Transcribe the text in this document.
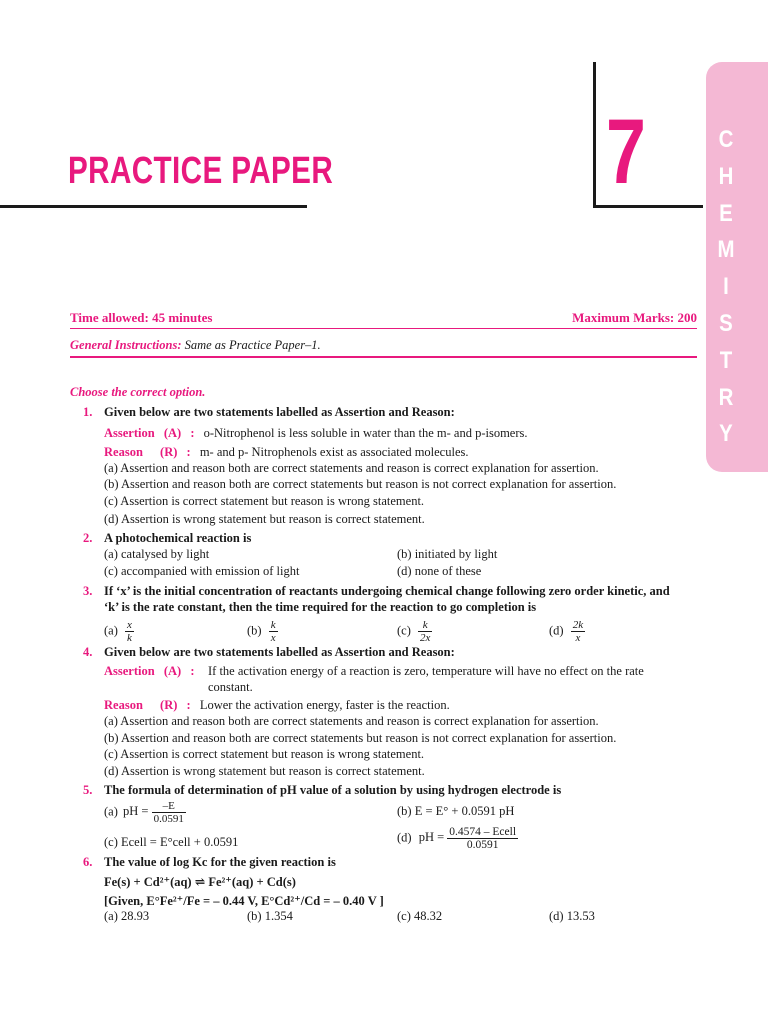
PRACTICE PAPER	7	C
H
E
M
I
S
T
R
Y
Time allowed: 45 minutes	Maximum Marks: 200
General Instructions: Same as Practice Paper–1.
Choose the correct option.
1. Given below are two statements labelled as Assertion and Reason:
Assertion (A) : o-Nitrophenol is less soluble in water than the m- and p-isomers.
Reason (R) : m- and p- Nitrophenols exist as associated molecules.
(a) Assertion and reason both are correct statements and reason is correct explanation for assertion.
(b) Assertion and reason both are correct statements but reason is not correct explanation for assertion.
(c) Assertion is correct statement but reason is wrong statement.
(d) Assertion is wrong statement but reason is correct statement.
2. A photochemical reaction is
(a) catalysed by light	(b) initiated by light
(c) accompanied with emission of light	(d) none of these
3. If ‘x’ is the initial concentration of reactants undergoing chemical change following zero order kinetic, and
‘k’ is the rate constant, then the time required for the reaction to go completion is
$(a) \frac{x}{k}$	$(b) \frac{k}{x}$	$(c) \frac{k}{2x}$	$(d) \frac{2k}{x}$
4. Given below are two statements labelled as Assertion and Reason:
Assertion (A) : If the activation energy of a reaction is zero, temperature will have no effect on the rate
constant.
Reason (R) : Lower the activation energy, faster is the reaction.
(a) Assertion and reason both are correct statements and reason is correct explanation for assertion.
(b) Assertion and reason both are correct statements but reason is not correct explanation for assertion.
(c) Assertion is correct statement but reason is wrong statement.
(d) Assertion is wrong statement but reason is correct statement.
5. The formula of determination of pH value of a solution by using hydrogen electrode is
(a) pH = $\frac{-E}{0.0591}$	(b) E = E° + 0.0591 pH
(c) Ecell = E°cell + 0.0591	(d) pH = $\frac{\text{0.4574 – Ecell}}{0.0591}$
6. The value of log Kc for the given reaction is
Fe(s) + Cd²⁺(aq) ⇌ Fe²⁺(aq) + Cd(s)
[Given, E°Fe²⁺/Fe = – 0.44 V, E°Cd²⁺/Cd = – 0.40 V ]
(a) 28.93	(b) 1.354	(c) 48.32	(d) 13.53
